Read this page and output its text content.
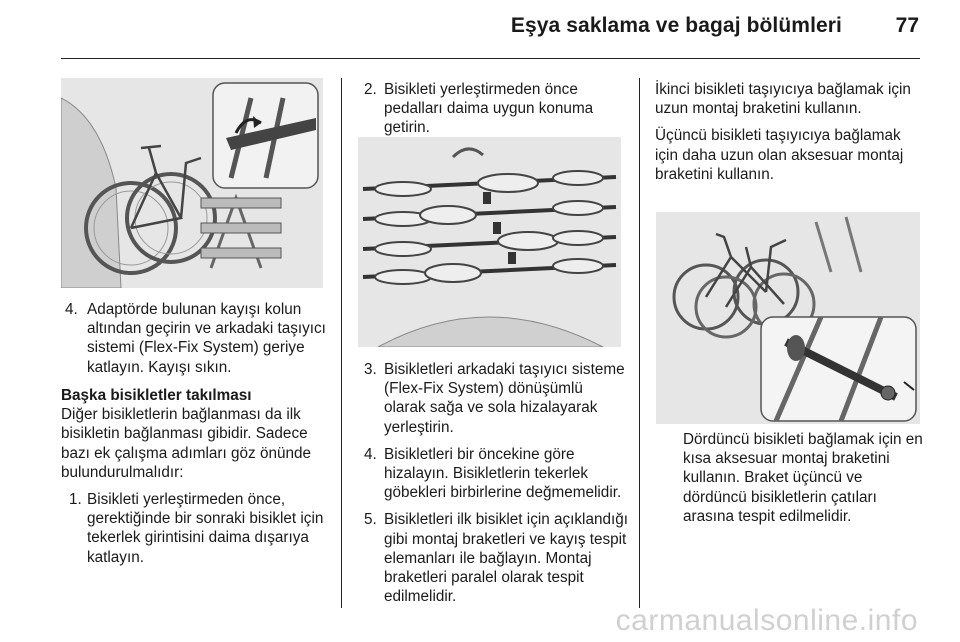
Eşya saklama ve bagaj bölümleri	77
4. Adaptörde bulunan kayışı kolun altından geçirin ve arkadaki taşıyıcı sistemi (Flex-Fix System) geriye katlayın. Kayışı sıkın.

Başka bisikletler takılması

Diğer bisikletlerin bağlanması da ilk bisikletin bağlanması gibidir. Sadece bazı ek çalışma adımları göz önünde bulundurulmalıdır:

1. Bisikleti yerleştirmeden önce, gerektiğinde bir sonraki bisiklet için tekerlek girintisini daima dışarıya katlayın.
2. Bisikleti yerleştirmeden önce pedalları daima uygun konuma getirin.
3. Bisikletleri arkadaki taşıyıcı sisteme (Flex-Fix System) dönüşümlü olarak sağa ve sola hizalayarak yerleştirin.
4. Bisikletleri bir öncekine göre hizalayın. Bisikletlerin tekerlek göbekleri birbirlerine değmemelidir.
5. Bisikletleri ilk bisiklet için açıklandığı gibi montaj braketleri ve kayış tespit elemanları ile bağlayın. Montaj braketleri paralel olarak tespit edilmelidir.

İkinci bisikleti taşıyıcıya bağlamak için uzun montaj braketini kullanın.

Üçüncü bisikleti taşıyıcıya bağlamak için daha uzun olan aksesuar montaj braketini kullanın.

Dördüncü bisikleti bağlamak için en kısa aksesuar montaj braketini kullanın. Braket üçüncü ve dördüncü bisikletlerin çatıları arasına tespit edilmelidir.

carmanualsonline.info
